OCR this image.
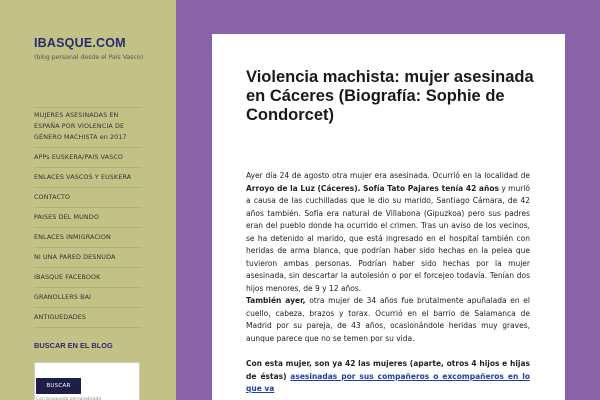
IBASQUE.COM
(blog personal desde el País Vasco)
MUJERES ASESINADAS EN ESPAÑA POR VIOLENCIA DE GÉNERO MACHISTA en 2017
APPs EUSKERA/PAIS VASCO
ENLACES VASCOS Y EUSKERA
CONTACTO
PAISES DEL MUNDO
ENLACES INMIGRACION
NI UNA PARED DESNUDA
IBASQUE FACEBOOK
GRANOLLERS BAI
ANTIGUEDADES
BUSCAR EN EL BLOG
BUSCAR
Con búsqueda personalizada
Violencia machista: mujer asesinada en Cáceres (Biografía: Sophie de Condorcet)

Ayer día 24 de agosto otra mujer era asesinada. Ocurrió en la localidad de Arroyo de la Luz (Cáceres). Sofía Tato Pajares tenía 42 años y murió a causa de las cuchilladas que le dio su marido, Santiago Cámara, de 42 años también. Sofía era natural de Villabona (Gipuzkoa) pero sus padres eran del pueblo donde ha ocurrido el crimen. Tras un aviso de los vecinos, se ha detenido al marido, que está ingresado en el hospital también con heridas de arma blanca, que podrían haber sido hechas en la pelea que tuvieron ambas personas. Podrían haber sido hechas por la mujer asesinada, sin descartar la autolesión o por el forcejeo todavía. Tenían dos hijos menores, de 9 y 12 años.
También ayer, otra mujer de 34 años fue brutalmente apuñalada en el cuello, cabeza, brazos y torax. Ocurrió en el barrio de Salamanca de Madrid por su pareja, de 43 años, ocasionándole heridas muy graves, aunque parece que no se temen por su vida.

Con esta mujer, son ya 42 las mujeres (aparte, otros 4 hijos e hijas de éstas) asesinadas por sus compañeros o excompañeros en lo que va
